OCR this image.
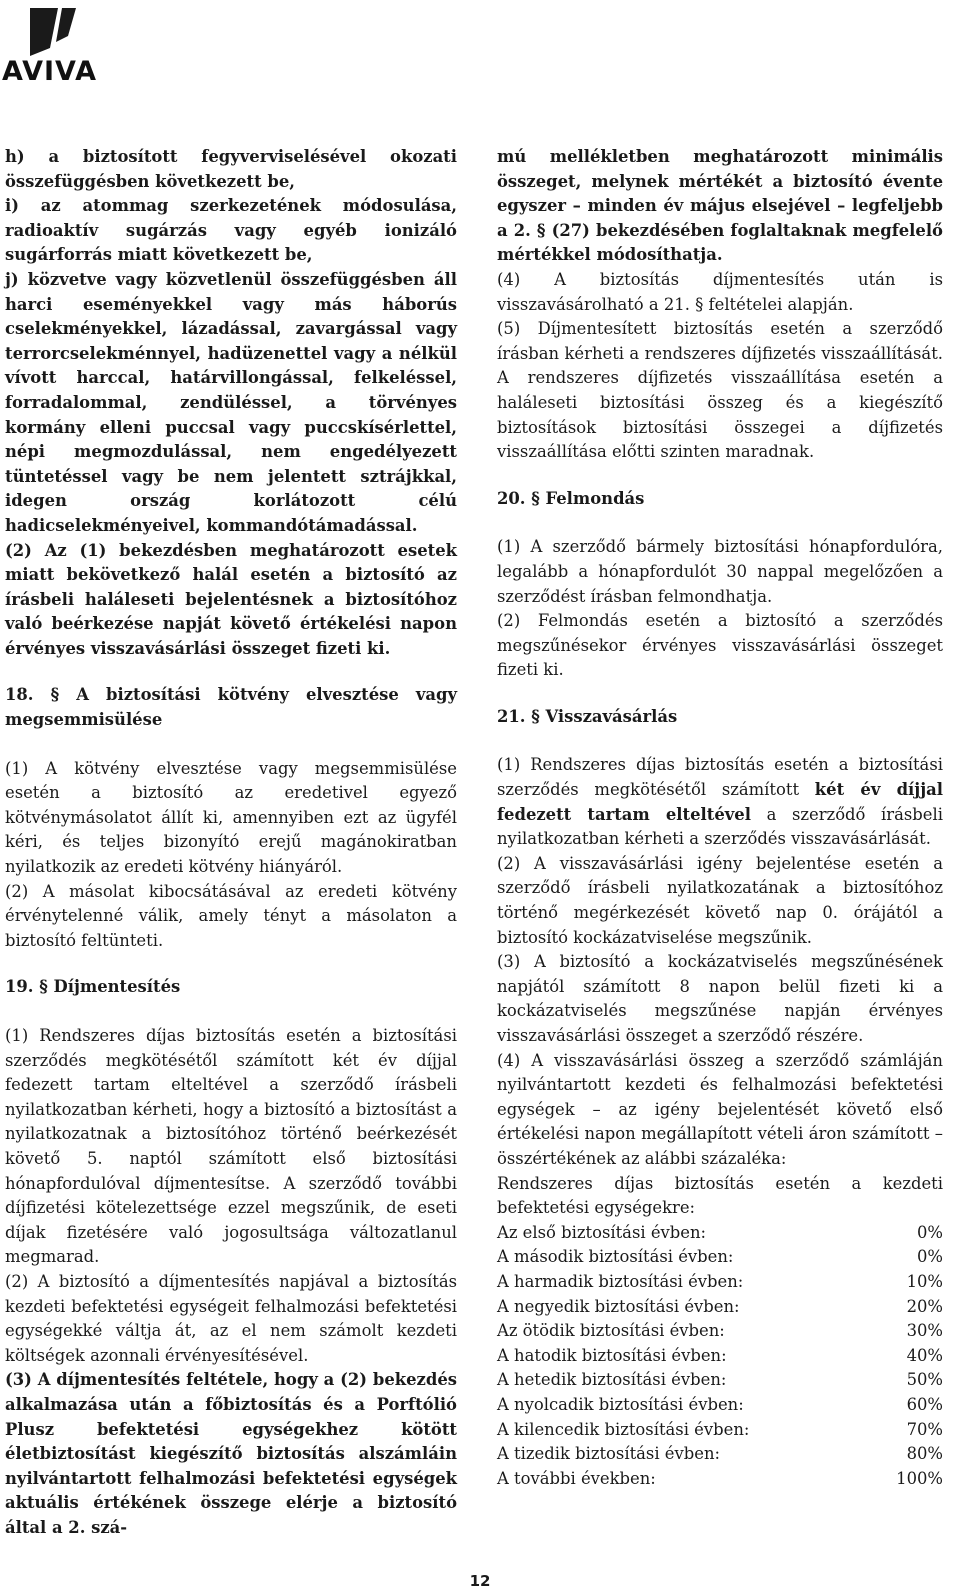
AVIVA

h) a biztosított fegyverviselésével okozati összefüggésben következett be,

i) az atommag szerkezetének módosulása, radioaktív sugárzás vagy egyéb ionizáló sugárforrás miatt következett be,

j) közvetve vagy közvetlenül összefüggésben áll harci eseményekkel vagy más háborús cselekményekkel, lázadással, zavargással vagy terrorcselekménnyel, hadüzenettel vagy a nélkül vívott harccal, határvillongással, felkeléssel, forradalommal, zendüléssel, a törvényes kormány elleni puccsal vagy puccskísérlettel, népi megmozdulással, nem engedélyezett tüntetéssel vagy be nem jelentett sztrájkkal, idegen ország korlátozott célú hadicselekményeivel, kommandótámadással.

(2) Az (1) bekezdésben meghatározott esetek miatt bekövetkező halál esetén a biztosító az írásbeli haláleseti bejelentésnek a biztosítóhoz való beérkezése napját követő értékelési napon érvényes visszavásárlási összeget fizeti ki.

18. § A biztosítási kötvény elvesztése vagy megsemmisülése

(1) A kötvény elvesztése vagy megsemmisülése esetén a biztosító az eredetivel egyező kötvénymásolatot állít ki, amennyiben ezt az ügyfél kéri, és teljes bizonyító erejű magánokiratban nyilatkozik az eredeti kötvény hiányáról.

(2) A másolat kibocsátásával az eredeti kötvény érvénytelenné válik, amely tényt a másolaton a biztosító feltünteti.

19. § Díjmentesítés

(1) Rendszeres díjas biztosítás esetén a biztosítási szerződés megkötésétől számított két év díjjal fedezett tartam elteltével a szerződő írásbeli nyilatkozatban kérheti, hogy a biztosító a biztosítást a nyilatkozatnak a biztosítóhoz történő beérkezését követő 5. naptól számított első biztosítási hónapfordulóval díjmentesítse. A szerződő további díjfizetési kötelezettsége ezzel megszűnik, de eseti díjak fizetésére való jogosultsága változatlanul megmarad.

(2) A biztosító a díjmentesítés napjával a biztosítás kezdeti befektetési egységeit felhalmozási befektetési egységekké váltja át, az el nem számolt kezdeti költségek azonnali érvényesítésével.

(3) A díjmentesítés feltétele, hogy a (2) bekezdés alkalmazása után a főbiztosítás és a Porftólió Plusz befektetési egységekhez kötött életbiztosítást kiegészítő biztosítás alszámláin nyilvántartott felhalmozási befektetési egységek aktuális értékének összege elérje a biztosító által a 2. szá-

mú mellékletben meghatározott minimális összeget, melynek mértékét a biztosító évente egyszer – minden év május elsejével – legfeljebb a 2. § (27) bekezdésében foglaltaknak megfelelő mértékkel módosíthatja.

(4) A biztosítás díjmentesítés után is visszavásárolható a 21. § feltételei alapján.

(5) Díjmentesített biztosítás esetén a szerződő írásban kérheti a rendszeres díjfizetés visszaállítását. A rendszeres díjfizetés visszaállítása esetén a haláleseti biztosítási összeg és a kiegészítő biztosítások biztosítási összegei a díjfizetés visszaállítása előtti szinten maradnak.

20. § Felmondás

(1) A szerződő bármely biztosítási hónapfordulóra, legalább a hónapfordulót 30 nappal megelőzően a szerződést írásban felmondhatja.

(2) Felmondás esetén a biztosító a szerződés megszűnésekor érvényes visszavásárlási összeget fizeti ki.

21. § Visszavásárlás

(1) Rendszeres díjas biztosítás esetén a biztosítási szerződés megkötésétől számított két év díjjal fedezett tartam elteltével a szerződő írásbeli nyilatkozatban kérheti a szerződés visszavásárlását.

(2) A visszavásárlási igény bejelentése esetén a szerződő írásbeli nyilatkozatának a biztosítóhoz történő megérkezését követő nap 0. órájától a biztosító kockázatviselése megszűnik.

(3) A biztosító a kockázatviselés megszűnésének napjától számított 8 napon belül fizeti ki a kockázatviselés megszűnése napján érvényes visszavásárlási összeget a szerződő részére.

(4) A visszavásárlási összeg a szerződő számláján nyilvántartott kezdeti és felhalmozási befektetési egységek – az igény bejelentését követő első értékelési napon megállapított vételi áron számított – összértékének az alábbi százaléka:

Rendszeres díjas biztosítás esetén a kezdeti befektetési egységekre:

Az első biztosítási évben:	0%
A második biztosítási évben:	0%
A harmadik biztosítási évben:	10%
A negyedik biztosítási évben:	20%
Az ötödik biztosítási évben:	30%
A hatodik biztosítási évben:	40%
A hetedik biztosítási évben:	50%
A nyolcadik biztosítási évben:	60%
A kilencedik biztosítási évben:	70%
A tizedik biztosítási évben:	80%
A további években:	100%
12
